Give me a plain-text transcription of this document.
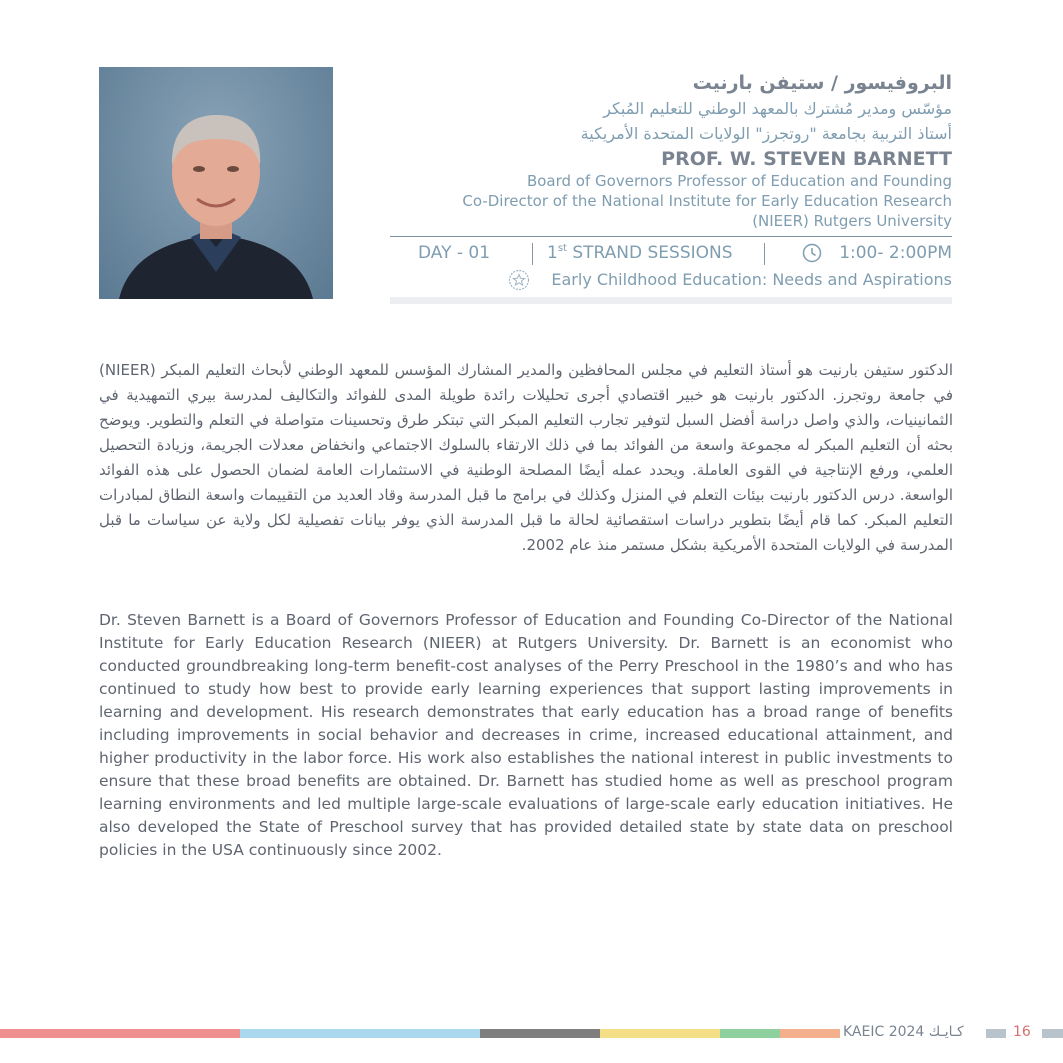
البروفيسور / ستيفن بارنيت
مؤسّس ومدير مُشترك بالمعهد الوطني للتعليم المُبكر
أستاذ التربية بجامعة "روتجرز" الولايات المتحدة الأمريكية
PROF. W. STEVEN BARNETT
Board of Governors Professor of Education and Founding
Co-Director of the National Institute for Early Education Research
(NIEER) Rutgers University
DAY - 01	1st STRAND SESSIONS	1:00- 2:00PM
Early Childhood Education: Needs and Aspirations
الدكتور ستيفن بارنيت هو أستاذ التعليم في مجلس المحافظين والمدير المشارك المؤسس للمعهد الوطني لأبحاث التعليم المبكر (NIEER) في جامعة روتجرز. الدكتور بارنيت هو خبير اقتصادي أجرى تحليلات رائدة طويلة المدى للفوائد والتكاليف لمدرسة بيري التمهيدية في الثمانينيات، والذي واصل دراسة أفضل السبل لتوفير تجارب التعليم المبكر التي تبتكر طرق وتحسينات متواصلة في التعلم والتطوير. ويوضح بحثه أن التعليم المبكر له مجموعة واسعة من الفوائد بما في ذلك الارتقاء بالسلوك الاجتماعي وانخفاض معدلات الجريمة، وزيادة التحصيل العلمي، ورفع الإنتاجية في القوى العاملة. ويحدد عمله أيضًا المصلحة الوطنية في الاستثمارات العامة لضمان الحصول على هذه الفوائد الواسعة. درس الدكتور بارنيت بيئات التعلم في المنزل وكذلك في برامج ما قبل المدرسة وقاد العديد من التقييمات واسعة النطاق لمبادرات التعليم المبكر. كما قام أيضًا بتطوير دراسات استقصائية لحالة ما قبل المدرسة الذي يوفر بيانات تفصيلية لكل ولاية عن سياسات ما قبل المدرسة في الولايات المتحدة الأمريكية بشكل مستمر منذ عام 2002.
Dr. Steven Barnett is a Board of Governors Professor of Education and Founding Co-Director of the National Institute for Early Education Research (NIEER) at Rutgers University. Dr. Barnett is an economist who conducted groundbreaking long-term benefit-cost analyses of the Perry Preschool in the 1980’s and who has continued to study how best to provide early learning experiences that support lasting improvements in learning and development. His research demonstrates that early education has a broad range of benefits including improvements in social behavior and decreases in crime, increased educational attainment, and higher productivity in the labor force. His work also establishes the national interest in public investments to ensure that these broad benefits are obtained. Dr. Barnett has studied home as well as preschool program learning environments and led multiple large-scale evaluations of large-scale early education initiatives. He also developed the State of Preschool survey that has provided detailed state by state data on preschool policies in the USA continuously since 2002.
KAEIC 2024 كـايـك	16
